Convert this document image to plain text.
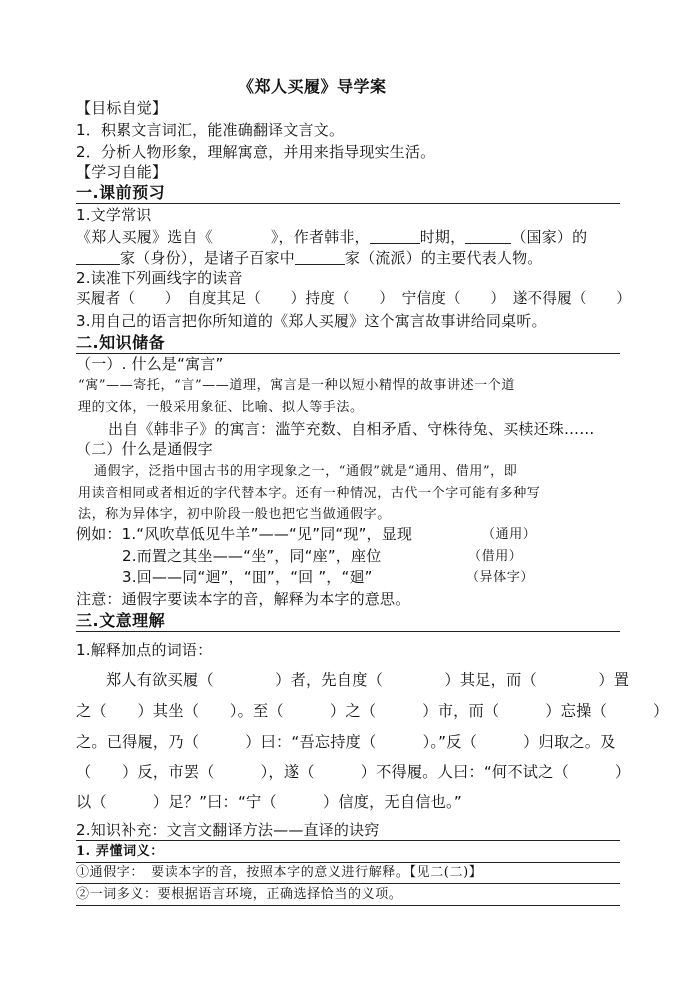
《郑人买履》导学案
【目标自觉】
1．积累文言词汇，能准确翻译文言文。
2．分析人物形象，理解寓意，并用来指导现实生活。
【学习自能】
一.课前预习
1.文学常识
《郑人买履》选自《	》，作者韩非，	时期，	（国家）的
家（身份），是诸子百家中	家（流派）的主要代表人物。
2.读准下列画线字的读音
买履者（　　）　自度其足（　　）持度（　　）　宁信度（　　）　遂不得履（　　）
3.用自己的语言把你所知道的《郑人买履》这个寓言故事讲给同桌听。
二.知识储备
（一）. 什么是“寓言”
“寓”——寄托，“言”——道理，寓言是一种以短小精悍的故事讲述一个道
理的文体，一般采用象征、比喻、拟人等手法。
出自《韩非子》的寓言：滥竽充数、自相矛盾、守株待兔、买椟还珠……
（二）什么是通假字
通假字，泛指中国古书的用字现象之一，“通假”就是“通用、借用”，即
用读音相同或者相近的字代替本字。还有一种情况，古代一个字可能有多种写
法，称为异体字，初中阶段一般也把它当做通假字。
例如：1.“风吹草低见牛羊”——“见”同“现”，显现	（通用）
2.而置之其坐——“坐”，同“座”，座位	（借用）
3.回——同“迴”，“囬”，“回 ”，“廻”	（异体字）
注意：通假字要读本字的音，解释为本字的意思。
三.文意理解
1.解释加点的词语：
郑人有欲买履（　　　　）者，先自度（　　　　）其足，而（　　　　）置
之（　　）其坐（　　）。至（　　　）之（　　　）市，而（　　　）忘操（　　　）
之。已得履，乃（　　　）曰：“吾忘持度（　　　）。”反（　　　）归取之。及
（　　）反，市罢（　　　），遂（　　　）不得履。人曰：“何不试之（　　　）
以（　　　）足？”曰：“宁（　　　）信度，无自信也。”
2.知识补充：文言文翻译方法——直译的诀窍
1. 弄懂词义：
①通假字：　要读本字的音，按照本字的意义进行解释。【见二(二)】
②一词多义：要根据语言环境，正确选择恰当的义项。
